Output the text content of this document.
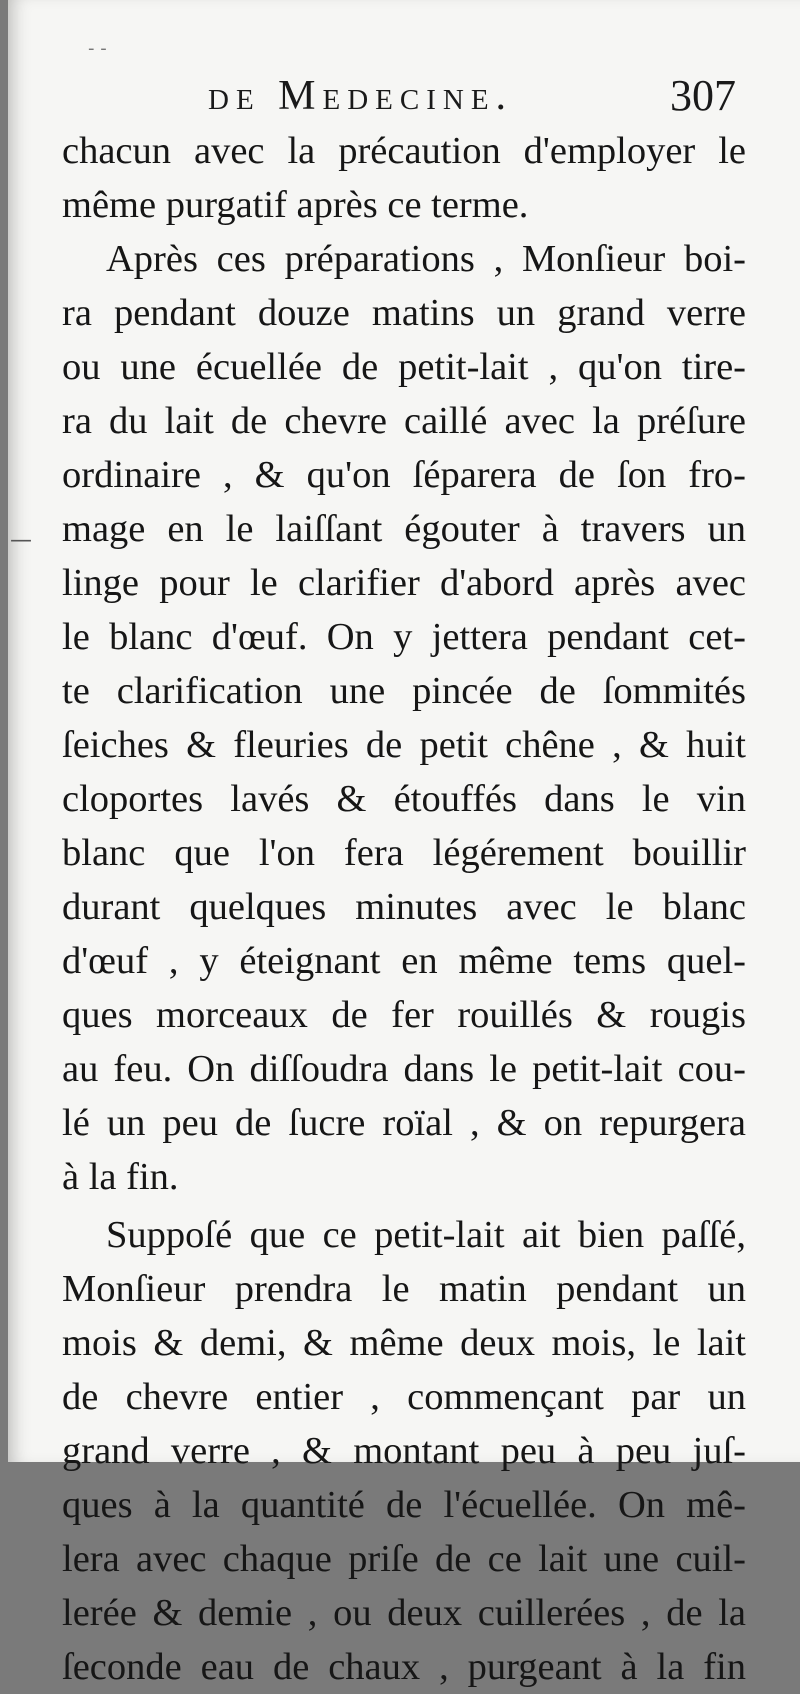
- -
—
de Medecine.	307
chacun avec la précaution d'employer le
même purgatif après ce terme.
Après ces préparations , Monſieur boi-
ra pendant douze matins un grand verre
ou une écuellée de petit-lait , qu'on tire-
ra du lait de chevre caillé avec la préſure
ordinaire , & qu'on ſéparera de ſon fro-
mage en le laiſſant égouter à travers un
linge pour le clarifier d'abord après avec
le blanc d'œuf. On y jettera pendant cet-
te clarification une pincée de ſommités
ſeiches & fleuries de petit chêne , & huit
cloportes lavés & étouffés dans le vin
blanc que l'on fera légérement bouillir
durant quelques minutes avec le blanc
d'œuf , y éteignant en même tems quel-
ques morceaux de fer rouillés & rougis
au feu. On diſſoudra dans le petit-lait cou-
lé un peu de ſucre roïal , & on repurgera
à la fin.
Suppoſé que ce petit-lait ait bien paſſé,
Monſieur prendra le matin pendant un
mois & demi, & même deux mois, le lait
de chevre entier , commençant par un
grand verre , & montant peu à peu juſ-
ques à la quantité de l'écuellée. On mê-
lera avec chaque priſe de ce lait une cuil-
lerée & demie , ou deux cuillerées , de la
ſeconde eau de chaux , purgeant à la fin
